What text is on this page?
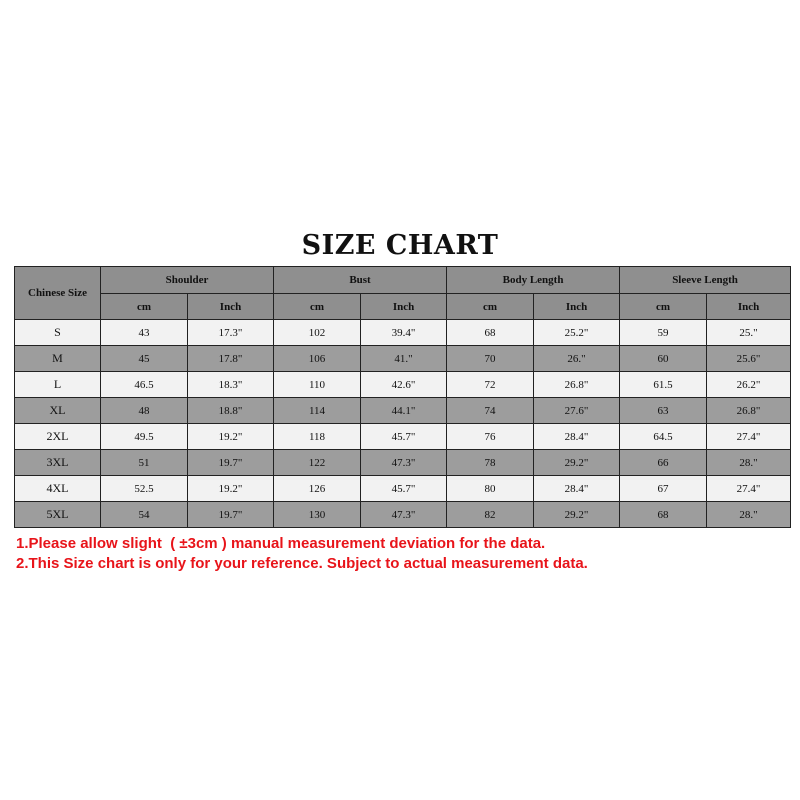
SIZE CHART
Chinese Size	Shoulder		Bust		Body Length		Sleeve Length	
	cm	Inch	cm	Inch	cm	Inch	cm	Inch
S	43	17.3"	102	39.4"	68	25.2"	59	25."
M	45	17.8"	106	41."	70	26."	60	25.6"
L	46.5	18.3"	110	42.6"	72	26.8"	61.5	26.2"
XL	48	18.8"	114	44.1"	74	27.6"	63	26.8"
2XL	49.5	19.2"	118	45.7"	76	28.4"	64.5	27.4"
3XL	51	19.7"	122	47.3"	78	29.2"	66	28."
4XL	52.5	19.2"	126	45.7"	80	28.4"	67	27.4"
5XL	54	19.7"	130	47.3"	82	29.2"	68	28."
1.Please allow slight  ( ±3cm ) manual measurement deviation for the data.
2.This Size chart is only for your reference. Subject to actual measurement data.
